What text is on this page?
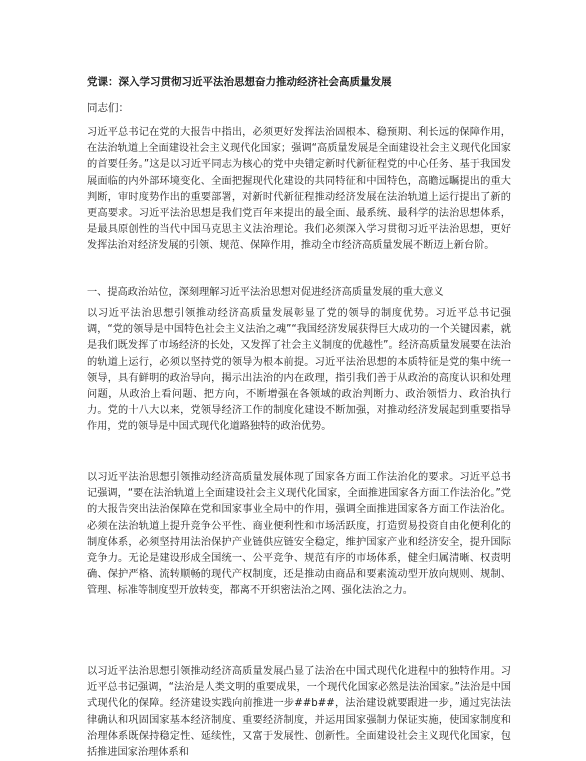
党课：深入学习贯彻习近平法治思想奋力推动经济社会高质量发展
同志们：
习近平总书记在党的大报告中指出，必须更好发挥法治固根本、稳预期、利长远的保障作用，在法治轨道上全面建设社会主义现代化国家；强调“高质量发展是全面建设社会主义现代化国家的首要任务。”这是以习近平同志为核心的党中央错定新时代新征程党的中心任务、基于我国发展面临的内外部环境变化、全面把握现代化建设的共同特征和中国特色，高瞻远瞩提出的重大判断，审时度势作出的重要部署，对新时代新征程推动经济发展在法治轨道上运行提出了新的更高要求。习近平法治思想是我们党百年来提出的最全面、最系统、最科学的法治思想体系，是最具原创性的当代中国马克思主义法治理论。我们必须深入学习贯彻习近平法治思想，更好发挥法治对经济发展的引领、规范、保障作用，推动全市经济高质量发展不断迈上新台阶。
一、提高政治站位，深刻理解习近平法治思想对促进经济高质量发展的重大意义
以习近平法治思想引领推动经济高质量发展彰显了党的领导的制度优势。习近平总书记强调，“党的领导是中国特色社会主义法治之魂”“我国经济发展获得巨大成功的一个关键因素，就是我们既发挥了市场经济的长处，又发挥了社会主义制度的优越性”。经济高质量发展要在法治的轨道上运行，必须以坚持党的领导为根本前提。习近平法治思想的本质特征是党的集中统一领导，具有鲜明的政治导向，揭示出法治的内在政理，指引我们善于从政治的高度认识和处理问题，从政治上看问题、把方向，不断增强在各领域的政治判断力、政治领悟力、政治执行力。党的十八大以来，党领导经济工作的制度化建设不断加强，对推动经济发展起到重要指导作用，党的领导是中国式现代化道路独特的政治优势。
以习近平法治思想引领推动经济高质量发展体现了国家各方面工作法治化的要求。习近平总书记强调，“要在法治轨道上全面建设社会主义现代化国家，全面推进国家各方面工作法治化。”党的大报告突出法治保障在党和国家事业全局中的作用，强调全面推进国家各方面工作法治化。必须在法治轨道上提升竞争公平性、商业便利性和市场活跃度，打造贸易投资自由化便利化的制度体系，必须坚持用法治保护产业链供应链安全稳定，维护国家产业和经济安全，提升国际竞争力。无论是建设形成全国统一、公平竞争、规范有序的市场体系，健全归属清晰、权责明确、保护严格、流转顺畅的现代产权制度，还是推动由商品和要素流动型开放向规则、规制、管理、标准等制度型开放转变，都离不开织密法治之网、强化法治之力。
以习近平法治思想引领推动经济高质量发展凸显了法治在中国式现代化进程中的独特作用。习近平总书记强调，“法治是人类文明的重要成果，一个现代化国家必然是法治国家。”法治是中国式现代化的保障。经济建设实践向前推进一步##b##，法治建设就要跟进一步，通过宪法法律确认和巩固国家基本经济制度、重要经济制度，并运用国家强制力保证实施，使国家制度和治理体系既保持稳定性、延续性，又富于发展性、创新性。全面建设社会主义现代化国家，包括推进国家治理体系和
